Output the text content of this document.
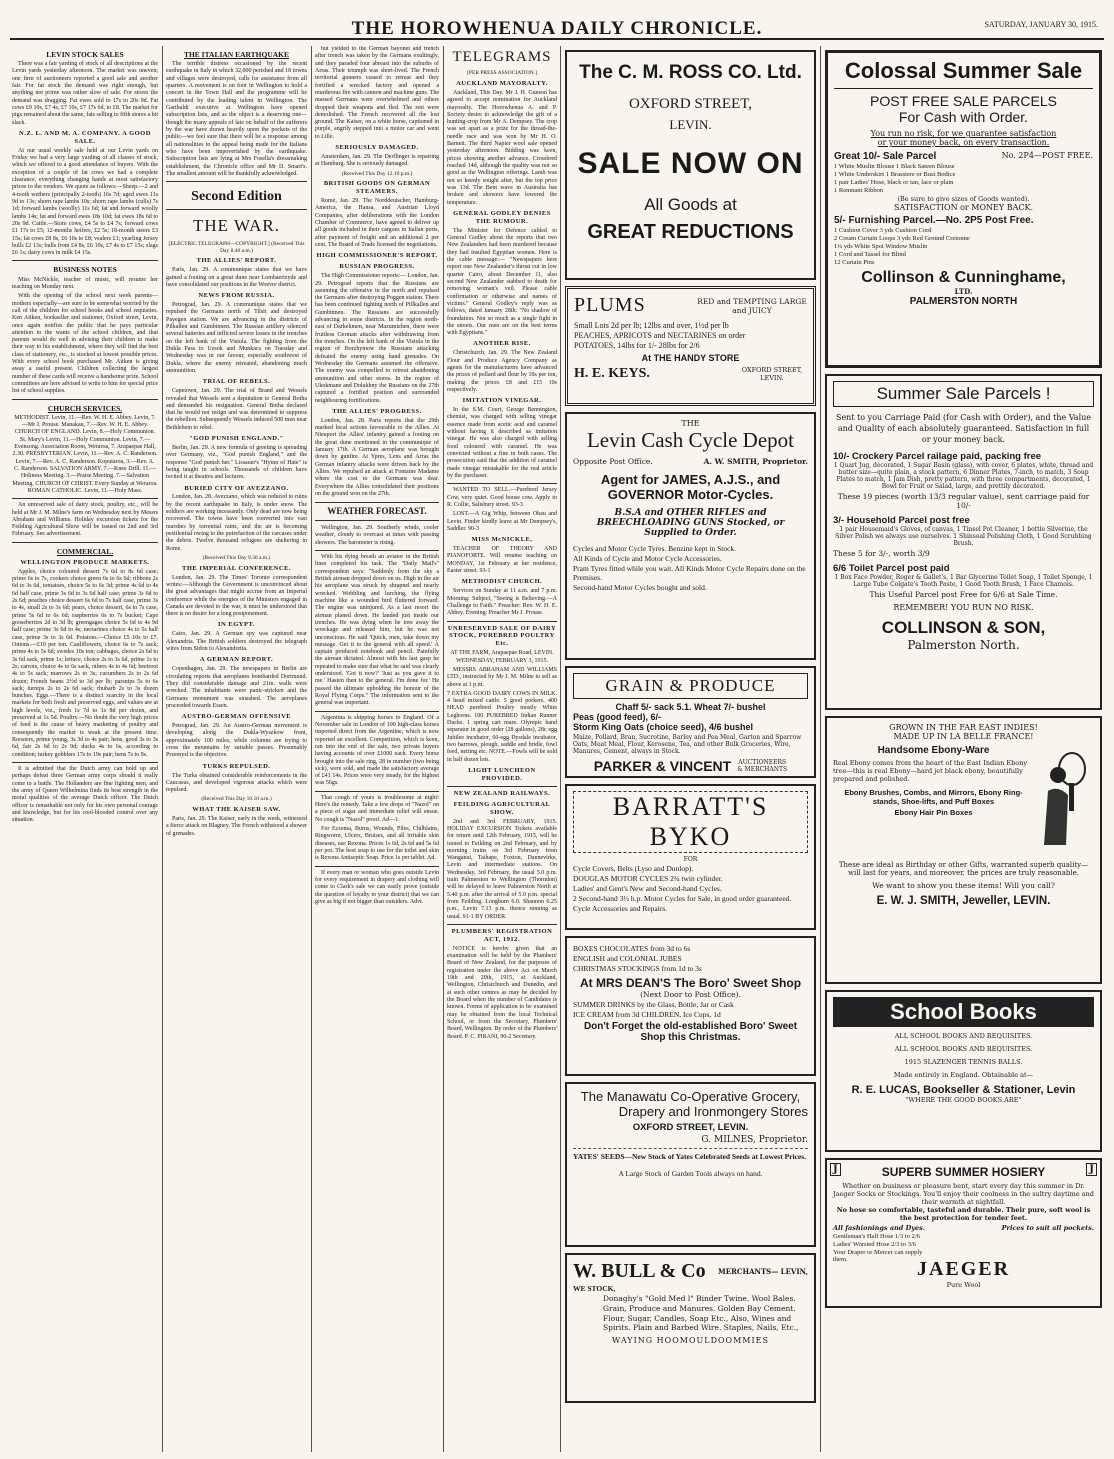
THE HOROWHENUA DAILY CHRONICLE.	SATURDAY, JANUARY 30, 1915.
LEVIN STOCK SALES

There was a fair yarding of stock of all descriptions at the Levin yards yesterday afternoon. The market was uneven; one firm of auctioneers reported a good sale and another fair. For fat stock the demand was right enough, but anything not prime was rather slow of sale. For stores the demand was dragging. Fat ewes sold to 17s to 20s 9d. Fat cows £9 10s, £7 4s, £7 10s, £7 17s 6d, to £8. The market for pigs remained about the same, fats selling to fifth stores a bit slack.

N.Z. L. AND M. A. COMPANY. A GOOD SALE.

At our usual weekly sale held at our Levin yards on Friday we had a very large yarding of all classes of stock, which we offered to a good attendance of buyers. With the exception of a couple of fat cows we had a complete clearance, everything changing hands at most satisfactory prices to the vendors. We quote as follows:—Sheep.—2 and 4-tooth wethers (principally 2-tooth) 16s 7d; aged ewes 11s 9d to 13s; shorn rape lambs 10s; shorn rape lambs (culls) 7s 1d; forward lambs (woolly) 11s 6d; fat and forward woolly lambs 14s; fat and forward ewes 18s 10d; fat ewes 18s 6d to 20s 9d. Cattle.—Store cows, £4 5s to £4 7s; forward cows £1 17s to £5; 12-months heifers, £2 5s; 18-month steers £3 15s; fat cows £8 8s, £6 10s to £8; vealers £1; yearling Jersey bulls £2 13s; bulls from £4 8s, £6 10s, £7 4s to £7 15s; slags £6 1s; dairy cows in milk £4 15s.

BUSINESS NOTES

Miss McNickle, teacher of music, will resume her teaching on Monday next.

With the opening of the school next week parents—mothers especially—are sure to be somewhat worried by the call of the children for school books and school requisites. Ken Aitken, bookseller and stationer, Oxford street, Levin, once again notifies the public that he pays particular attention to the wants of the school children, and that parents would do well in advising their children to make their way to his establishment, where they will find the best class of stationery, etc., is stocked at lowest possible prices. With every school book purchased Mr. Aitken is giving away a useful present. Children collecting the largest number of these cards will receive a handsome prize. School committees are here advised to write to him for special price list of school supplies.

CHURCH SERVICES.

METHODIST. Levin, 11.—Rev. W. H. E. Abbey. Levin, 7.—Mr J. Prouse. Manakau, 7.—Rev. W. H. E. Abbey. CHURCH OF ENGLAND. Levin, 8.—Holy Communion. St. Mary's Levin, 11.—Holy Communion. Levin, 7.—Evensong. Association Room, Weraroa, 7. Arapaepae Hall, 2.30. PRESBYTERIAN. Levin, 11.—Rev. A. C. Randerson. Levin, 7.—Rev. A. C. Randerson. Koputaroa, 3.—Rev. A. C. Randerson. SALVATION ARMY. 7.—Knee Drill. 11.—Holiness Meeting. 3.—Praise Meeting. 7.—Salvation Meeting. CHURCH OF CHRIST. Every Sunday at Weraroa. ROMAN CATHOLIC. Levin, 11.—Holy Mass.

An unreserved sale of dairy stock, poultry, etc., will be held at Mr J. M. Milne's farm on Wednesday next by Messrs Abraham and Williams. Holiday excursion tickets for the Feilding Agricultural Show will be issued on 2nd and 3rd February. See advertisement.

COMMERCIAL.
WELLINGTON PRODUCE MARKETS.

Apples, choice coloured dessert 7s 6d to 8s 6d case; prime 6s to 7s, cookers choice green 6s to 6s 6d; ribbons 2s 6d to 3s 6d, tomatoes, choice 5s to 6s 3d; prime 4s 6d to 4s 6d half case, prime 3s 6d to 3s 6d half case; prime 3s 6d to 2s 6d; peaches choice dessert 6s 6d to 7s half case, prime 3s to 4s, small 2s to 3s 6d; pears, choice dessert, 6s to 7s case, prime 5s 6d to 6s 6d; raspberries 6s to 7s bucket; Cape gooseberries 2d to 3d lb; greengages choice 5s 6d to 4s 9d half case; prime 3s 6d to 4s; nectarines choice 4s to 5s half case, prime 3s to 3s 6d. Potatoes.—Choice £5 10s to £7. Onions.—£10 per ton. Cauliflowers, choice 6s to 7s sack; prime 4s to 5s 6d; swedes 10s ton; cabbages, choice 2s 6d to 3s 6d sack, prime 1s; lettuce, choice 2s to 3s 6d, prime 1s to 2s; carrots, choice 4s to 6s sack, others 4s to 4s 6d; beetroot 4s to 5s sack; marrows 2s to 3s; cucumbers 2s to 2s 6d dozen; French beans 2½d to 3d per lb; parsnips 5s to 6s sack; turnips 2s to 2s 6d sack; rhubarb 2s to 3s dozen bunches. Eggs.—There is a distinct scarcity in the local markets for both fresh and preserved eggs, and values are at high levels, viz., fresh 1s 7d to 1s 8d per dozen, and preserved at 1s 5d. Poultry.—No doubt the very high prices of feed is the cause of heavy marketing of poultry and consequently the market is weak at the present time. Roosters, prime young, 3s 3d to 4s pair; hens, good 3s to 3s 6d, fair 2s 6d to 2s 9d; ducks 4s to 6s, according to condition; turkey gobblers 17s to 19s pair; hens 7s to 9s.

It is admitted that the Dutch army can hold up and perhaps defeat three German army corps should it really come to a battle. The Hollanders are fine fighting men, and the army of Queen Wilhelmina finds its best strength in the moral qualities of the average Dutch officer. The Dutch officer is remarkable not only for his own personal courage and knowledge, but for his cool-blooded control over any situation.

THE ITALIAN EARTHQUAKE

The terrible distress occasioned by the recent earthquake in Italy in which 32,000 perished and 18 towns and villages were destroyed, calls for assistance from all quarters. A movement is on foot in Wellington to hold a concert in the Town Hall and the programme will be contributed by the leading talent in Wellington. The Garibaldi executive at Wellington have opened subscription lists, and as the object is a deserving one—though the many appeals of late on behalf of the sufferers by the war have drawn heavily upon the pockets of the public—we feel sure that there will be a response among all nationalities to the appeal being made for the Italians who have been impoverished by the earthquake. Subscription lists are lying at Mrs Fosella's dressmaking establishment, the Chronicle office and Mr D. Smart's. The smallest amount will be thankfully acknowledged.

Second Edition
THE WAR.
[ELECTRIC TELEGRAPH—COPYRIGHT.] (Received This Day 8.40 a.m.)
THE ALLIES' REPORT.

Paris, Jan. 29. A communique states that we have gained a footing on a great dune near Lombaertzyde and have consolidated our positions in the Woevre district.

NEWS FROM RUSSIA.

Petrograd, Jan. 29. A communique states that we repulsed the Germans north of Tilsit and destroyed Payegen station. We are advancing in the districts of Pilkallen and Gumbinnen. The Russian artillery silenced several batteries and inflicted severe losses in the trenches on the left bank of the Vistula. The fighting from the Dukla Pass to Uzsok and Munkacs on Tuesday and Wednesday was in our favour, especially southwest of Dukla, where the enemy retreated, abandoning much ammunition.

TRIAL OF REBELS.

Capetown, Jan. 29. The trial of Brand and Wessels revealed that Wessels sent a deputation to General Botha and demanded his resignation. General Botha declared that he would not resign and was determined to suppress the rebellion. Subsequently Wessels induced 500 men near Bethlehem to rebel.

"GOD PUNISH ENGLAND."

Berlin, Jan. 29. A new formula of greeting is spreading over Germany, viz., "God punish England," and the response "God punish her." Lissauer's "Hymn of Hate" is being taught in schools. Thousands of children have recited it at theatres and lectures.

BURIED CITY OF AVEZZANO.

London, Jan. 28. Avezzano, which was reduced to ruins by the recent earthquake in Italy, is under snow. The soldiers are working incessantly. Only dead are now being recovered. The towns have been converted into vast marshes by torrential rains, and the air is becoming pestilential owing to the putrefaction of the carcases under the debris. Twelve thousand refugees are sheltering in Rome.

(Received This Day 9.30 a.m.)
THE IMPERIAL CONFERENCE.

London, Jan. 29. The Times' Toronto correspondent writes:—Although the Government is unconvinced about the great advantages that might accrue from an Imperial conference while the energies of the Ministers engaged in Canada are devoted to the war, it must be understood that there is no desire for a long postponement.

IN EGYPT.

Cairo, Jan. 29. A German spy was captured near Alexandria. The British soldiers destroyed the telegraph wires from Sidon to Alexandretta.

A GERMAN REPORT.

Copenhagen, Jan. 29. The newspapers in Berlin are circulating reports that aeroplanes bombarded Dortmund. They did considerable damage and 21m. walls were wrecked. The inhabitants were panic-stricken and the Germans monument was smashed. The aeroplanes proceeded towards Essen.

AUSTRO-GERMAN OFFENSIVE

Petrograd, Jan. 29. An Austro-German movement is developing along the Dukla-Wyszkow front, approximately 100 miles, while columns are trying to cross the mountains by suitable passes. Presumably Przemysl is the objective.

TURKS REPULSED.

The Turks obtained considerable reinforcements in the Caucasus, and developed vigorous attacks which were repulsed.

(Received This Day 10.10 a.m.)
WHAT THE KAISER SAW.

Paris, Jan. 29. The Kaiser, early in the week, witnessed a fierce attack on Blagney. The French withstood a shower of grenades.

but yielded to the German bayonet and trench after trench was taken by the Germans exultingly, and they paraded four abreast into the suburbs of Arras. Their triumph was short-lived. The French territorial gunners ceased to retreat and they fortified a wrecked factory and opened a murderous fire with cannon and machine guns. The massed Germans were overwhelmed and others dropped their weapons and fled. The rest were demolished. The French recovered all the lost ground. The Kaiser, on a white horse, captioned in purple, angrily stepped into a motor car and went to Lille.

SERIOUSLY DAMAGED.

Amsterdam, Jan. 29. The Derflinger is repairing at Hamburg. She is seriously damaged.

(Received This Day 12.10 p.m.)
BRITISH GOODS ON GERMAN STEAMERS.

Rome, Jan. 29. The Norddeutscher, Hamburg-America, the Hansa, and Austrian Lloyd Companies, after deliberations with the London Chamber of Commerce, have agreed to deliver up all goods included in their cargoes in Italian ports, after payment of freight and an additional 2 per cent. The Board of Trade licensed the negotiations.

HIGH COMMISSIONER'S REPORT.
RUSSIAN PROGRESS.

The High Commissioner reports:— London, Jan. 29. Petrograd reports that the Russians are assuming the offensive in the north and repulsed the Germans after destroying Poggen station. There has been continued fighting north of Pillkallen and Gumbinnen. The Russians are successfully advancing in some districts. In the region north-east of Darkehmen, near Mazumiehen, there were fruitless German attacks after withdrawing from the trenches. On the left bank of the Vistula in the region of Borzhymow the Russians attacking defeated the enemy using hand grenades. On Wednesday the Germans assumed the offensive. The enemy was compelled to retreat abandoning ammunition and other stores. In the region of Ukokmane and Dolukhny the Russians on the 27th captured a fortified position and surrounded neighbouring fortifications.

THE ALLIES' PROGRESS.

London, Jan. 28. Paris reports that the 29th marked local actions favourable to the Allies. At Nieuport the Allies' infantry gained a footing on the great dune mentioned in the communique of January 17th. A German aeroplane was brought down by gunfire. At Ypres, Lens and Arras the German infantry attacks were driven back by the Allies. We repulsed an attack at Fontaine Madame where the cost to the Germans was dear. Everywhere the Allies consolidated their positions on the ground won on the 27th.

WEATHER FORECAST.

Wellington, Jan. 29. Southerly winds, cooler weather, cloudy to overcast at times with passing showers. The barometer is rising.

With his dying breath an aviator in the British lines completed his task. The "Daily Mail's" correspondent says: "Suddenly from the sky a British airman dropped down on us. High in the air his aeroplane was struck by shrapnel and nearly wrecked. Wobbling and lurching, the flying machine like a wounded bird fluttered forward. The engine was uninjured. As a last resort the airman planed down. He landed just inside our trenches. He was dying when he tore away the wreckage and released him, but he was not unconscious. He said 'Quick, men, take down my message. Get it to the general with all speed.' A captain produced notebook and pencil. Painfully the airman dictated. Almost with his last gasp he repeated to make sure that what he said was clearly understood. 'Got it now?' 'Just as you gave it to me.' Hasten then to the general. I'm done for.' He passed the ultimate upholding the honour of the Royal Flying Corps." The information sent to the general was important.

Argentina is shipping horses to England. Of a November sale in London of 100 high-class horses imported direct from the Argentine, which is now reported an excellent. Competition, which is keen, ran into the end of the sale, two private buyers having accounts of over £1000 each. Every horse brought into the sale ring, 28 in number (two being sick), were sold, and made the satisfactory average of £41 14s. Prices were very steady, for the highest was 56gs.

That cough of yours is troublesome at night! Here's the remedy. Take a few drops of "Nazol" on a piece of sugar and immediate relief will ensue. No cough is "Nazol" proof. Ad—1.

For Eczema, Burns, Wounds, Piles, Chilblains, Ringworm, Ulcers, Bruises, and all irritable skin diseases, use Rexona. Prices 1s 6d, 2s 6d and 5s 6d per pot. The best soap to use for the toilet and skin is Rexona Antiseptic Soap. Price 1s per tablet. Ad.

If every man or woman who goes outside Levin for every requirement in drapery and clothing will come to Clark's sale we can easily prove (outside the question of loyalty to your district) that we can give as big if not bigger than outsiders. Advt.

TELEGRAMS
[PER PRESS ASSOCIATION.]
AUCKLAND MAYORALTY.

Auckland, This Day. Mr J. H. Gunson has agreed to accept nomination for Auckland mayoralty. The Horowhenua A. and P. Society desire to acknowledge the gift of a hunting-crop from Mr A. Dempsey. The crop was set apart as a prize for the thread-the-needle race and was won by Mr H. O. Barnett. The third Napier wool sale opened yesterday afternoon. Bidding was keen, prices showing another advance. Crossbred reached 14d, although the quality was not so good as the Wellington offerings. Lamb was not so keenly sought after, but the top price was 13d. The Bent wave in Australia has broken and showers have lowered the temperature.

GENERAL GODLEY DENIES THE RUMOUR.

The Minister for Defence cabled to General Godley about the reports that two New Zealanders had been murdered because they had insulted Egyptian women. Here is the cable message:— "Newspapers here report one New Zealander's throat cut in low quarter Cairo, about December 11, also second New Zealander stabbed to death for removing woman's veil. Please cable confirmation or otherwise and names of victims." General Godley's reply was as follows, dated January 28th: "No shadow of foundation. Not so much as a single fight in the streets. Our men are on the best terms with Egyptians."

ANOTHER RISE.

Christchurch, Jan. 29. The New Zealand Flour and Produce Agency Company as agents for the manufacturers have advanced the prices of pollard and flour by 10s per ton, making the prices £8 and £15 10s respectively.

IMITATION VINEGAR.

In the S.M. Court, George Bennington, chemist, was charged with selling vinegar essence made from acetic acid and caramel without having it described as imitation vinegar. He was also charged with selling food coloured with caramel. He was convicted without a fine in both cases. The prosecution said that the addition of caramel made vinegar mistakable for the real article by the purchaser.

WANTED TO SELL.—Purebred Jersey Cow, very quiet. Good house cow. Apply to R. Collie, Salisbury street. 93-3

LOST.—A Gig Whip, between Ohau and Levin. Finder kindly leave at Mr Dempsey's, Saddler. 90-3

MISS McNICKLE,

TEACHER OF THEORY AND PIANOFORTE. Will resume teaching on MONDAY, 1st February at her residence, Easter street. 93-1

METHODIST CHURCH.

Services on Sunday at 11 a.m. and 7 p.m. Morning: Subject, "Seeing is Believing.—A Challenge to Faith." Preacher: Rev. W. H. E. Abbey. Evening: Preacher Mr J. Prouse.

UNRESERVED SALE OF DAIRY STOCK, PUREBRED POULTRY Etc.

AT THE FARM, Arapaepae Road, LEVIN. WEDNESDAY, FEBRUARY 3, 1915.

MESSRS ABRAHAM AND WILLIAMS LTD., instructed by Mr J. M. Milne to sell as above at 1 p.m.

7 EXTRA GOOD DAIRY COWS IN MILK. 4 head mixed cattle. 5 good porkers. 400 HEAD purebred Poultry mostly White Leghorns. 100 PUREBRED Indian Runner Ducks. 1 spring cart mare. Olympic hand separator in good order (28 gallons), 28c egg Jubilee incubator, 60-egg Dysdale incubator, two harrows, plough, saddle and bridle, fowl feed, netting etc. NOTE.—Fowls will be sold in half dozen lots.

LIGHT LUNCHEON PROVIDED.
NEW ZEALAND RAILWAYS.
FEILDING AGRICULTURAL SHOW.

2nd and 3rd FEBRUARY, 1915. HOLIDAY EXCURSION Tickets available for return until 12th February, 1915, will be issued to Feilding on 2nd February, and by morning trains on 3rd February from Wanganui, Taihape, Foxton, Dannevirke, Levin and intermediate stations. On Wednesday, 3rd February, the usual 5.0 p.m. train Palmerston to Wellington (Thorndon) will be delayed to leave Palmerston North at 5.40 p.m. after the arrival of 5.0 p.m. special from Feilding. Longburn 6.0. Shannon 6.25 p.m., Levin 7.13 p.m. thence running as usual. 91-1 BY ORDER.

PLUMBERS' REGISTRATION ACT, 1912.

NOTICE is hereby given that an examination will be held by the Plumbers' Board of New Zealand, for the purposes of registration under the above Act on March 19th and 20th, 1915, at Auckland, Wellington, Christchurch and Dunedin, and at such other centres as may be decided by the Board when the number of Candidates is known. Forms of application to be examined may be obtained from the local Technical School, or from the Secretary, Plumbers' Board, Wellington. By order of the Plumbers' Board. P. C. PIRANI, 90-2 Secretary.

The C. M. ROSS CO. Ltd.
OXFORD STREET,
LEVIN.
SALE NOW ON
All Goods at
GREAT REDUCTIONS
PLUMS	RED and TEMPTING LARGE and JUICY
Small Lots 2d per lb; 12lbs and over, 1½d per lb
PEACHES, APRICOTS and NECTARINES on order
POTATOES, 14lbs for 1/- 28lbs for 2/6
At THE HANDY STORE
H. E. KEYS.	OXFORD STREET, LEVIN.
THE
Levin Cash Cycle Depot
Opposite Post Office.	A. W. SMITH, Proprietor.
Agent for JAMES, A.J.S., and GOVERNOR Motor-Cycles.
B.S.A and OTHER RIFLES and BREECHLOADING GUNS Stocked, or Supplied to Order.
Cycles and Motor Cycle Tyres. Benzine kept in Stock.
All Kinds of Cycle and Motor Cycle Accessories.
Pram Tyres fitted while you wait. All Kinds Motor Cycle Repairs done on the Premises.
Second-hand Motor Cycles bought and sold.
GRAIN & PRODUCE
Chaff 5/- sack 5.1. Wheat 7/- bushel
Peas (good feed), 6/-
Storm King Oats (choice seed), 4/6 bushel
Maize, Pollard, Bran, Sucrotine, Barley and Pea Meal, Garton and Sparrow Oats, Meat Meal, Flour, Kerosene, Tea, and other Bulk Groceries, Wire, Manures, Cement, always in Stock.
PARKER & VINCENT AUCTIONEERS & MERCHANTS
BARRATT'S BYKO
FOR
Cycle Covers, Belts (Lyso and Dunlop).
DOUGLAS MOTOR CYCLES 2¾ twin cylinder.
Ladies' and Gent's New and Second-hand Cycles.
2 Second-hand 3½ h.p. Motor Cycles for Sale, in good order guaranteed.
Cycle Accessories and Repairs.
BOXES CHOCOLATES from 3d to 6s
ENGLISH and COLONIAL JUBES
CHRISTMAS STOCKINGS from 1d to 3s
At MRS DEAN'S The Boro' Sweet Shop
(Next Door to Post Office).
SUMMER DRINKS by the Glass, Bottle, Jar or Cask
ICE CREAM from 3d CHILDREN, Ice Cups, 1d
Don't Forget the old-established Boro' Sweet Shop this Christmas.
The Manawatu Co-Operative Grocery,
Drapery and Ironmongery Stores
OXFORD STREET, LEVIN.
G. MILNES, Proprietor.
YATES' SEEDS—New Stock of Yates Celebrated Seeds at Lowest Prices.
A Large Stock of Garden Tools always on hand.
W. BULL & Co MERCHANTS— LEVIN,
WE STOCK,
Donaghy's "Gold Med l" Binder Twine. Wool Bales. Grain, Produce and Manures. Golden Bay Cement. Flour, Sugar, Candles, Soap Etc., Also, Wines and Spirits. Plain and Barbed Wire. Staples, Nails, Etc.,
WAYING HOOMOULDOOMMIES
Colossal Summer Sale
POST FREE SALE PARCELS
For Cash with Order.
You run no risk, for we guarantee satisfaction
or your money back, on every transaction.
Great 10/- Sale Parcel	No. 2P4—POST FREE.
1 White Muslin Blouse 1 Black Sateen Blouse
1 White Underskirt 1 Brassiere or Bust Bodice
1 pair Ladies' Hose, black or tan, lace or plain
1 Remnant Ribbon
(Be sure to give sizes of Goods wanted).
SATISFACTION or MONEY BACK.
5/- Furnishing Parcel.—No. 2P5 Post Free.
1 Cushion Cover 3 yds Cushion Cord
2 Cream Curtain Loops 3 yds Red Ground Cretonne
1¼ yds White Spot Window Muslin
1 Cord and Tassel for Blind
12 Curtain Pins
Collinson & Cunninghame,
LTD.
PALMERSTON NORTH
Summer Sale Parcels !
Sent to you Carriage Paid (for Cash with Order), and the Value and Quality of each absolutely guaranteed. Satisfaction in full or your money back.
10/- Crockery Parcel railage paid, packing free
1 Quart Jug, decorated, 1 Sugar Basin (glass), with cover, 6 plates, white, thread and butter size—quite plain, a stock pattern, 6 Dinner Plates, 7-inch, to match, 3 Soup Plates to match, 1 Jam Dish, pretty pattern, with three compartments, decorated, 1 Bowl for Fruit or Salad, large, and prettily decorated.
These 19 pieces (worth 13/3 regular value), sent carriage paid for 10/-
3/- Household Parcel post free
1 pair Housemaid's Gloves, of canvas, 1 Tinsel Pot Cleaner, 1 bottle Silverine, the Silver Polish we always use ourselves. 1 Shinsoal Polishing Cloth, 1 Good Scrubbing Brush.
These 5 for 3/-, worth 3/9
6/6 Toilet Parcel post paid
1 Box Face Powder, Roger & Gallet's, 1 Bar Glycerine Toilet Soap, 1 Toilet Sponge, 1 Large Tube Colgate's Tooth Paste, 1 Good Tooth Brush, 1 Face Chamois.
This Useful Parcel post Free for 6/6 at Sale Time.
REMEMBER! YOU RUN NO RISK.
COLLINSON & SON,
Palmerston North.
GROWN IN THE FAR EAST INDIES!
MADE UP IN LA BELLE FRANCE!
Handsome Ebony-Ware
Real Ebony comes from the heart of the East Indian Ebony tree—this is real Ebony—hard jet black ebony, beautifully prepared and polished.
Ebony Brushes, Combs, and Mirrors, Ebony Ring-stands, Shoe-lifts, and Puff Boxes
Ebony Hair Pin Boxes
These are ideal as Birthday or other Gifts, warranted superb quality—will last for years, and moreover, the prices are truly reasonable.
We want to show you these items! Will you call?
E. W. J. SMITH, Jeweller, LEVIN.
School Books
ALL SCHOOL BOOKS AND REQUISITES.
ALL SCHOOL BOOKS AND REQUISITES.
1915 SLAZENGER TENNIS BALLS.
Made entirely in England. Obtainable at—
R. E. LUCAS, Bookseller & Stationer, Levin
"WHERE THE GOOD BOOKS ARE"
J	J
SUPERB SUMMER HOSIERY
Whether on business or pleasure bent, start every day this summer in Dr. Jaeger Socks or Stockings. You'll enjoy their coolness in the sultry daytime and their warmth at nightfall.
No hose so comfortable, tasteful and durable. Their pure, soft wool is the best protection for tender feet.
All fashionings and Dyes.	Prices to suit all pockets.
Gentleman's Half Hose 1/3 to 2/6
Ladies' Worsted Hose 2/3 to 3/6
Your Draper or Mercer can supply them.	JAEGER
Pure Wool
